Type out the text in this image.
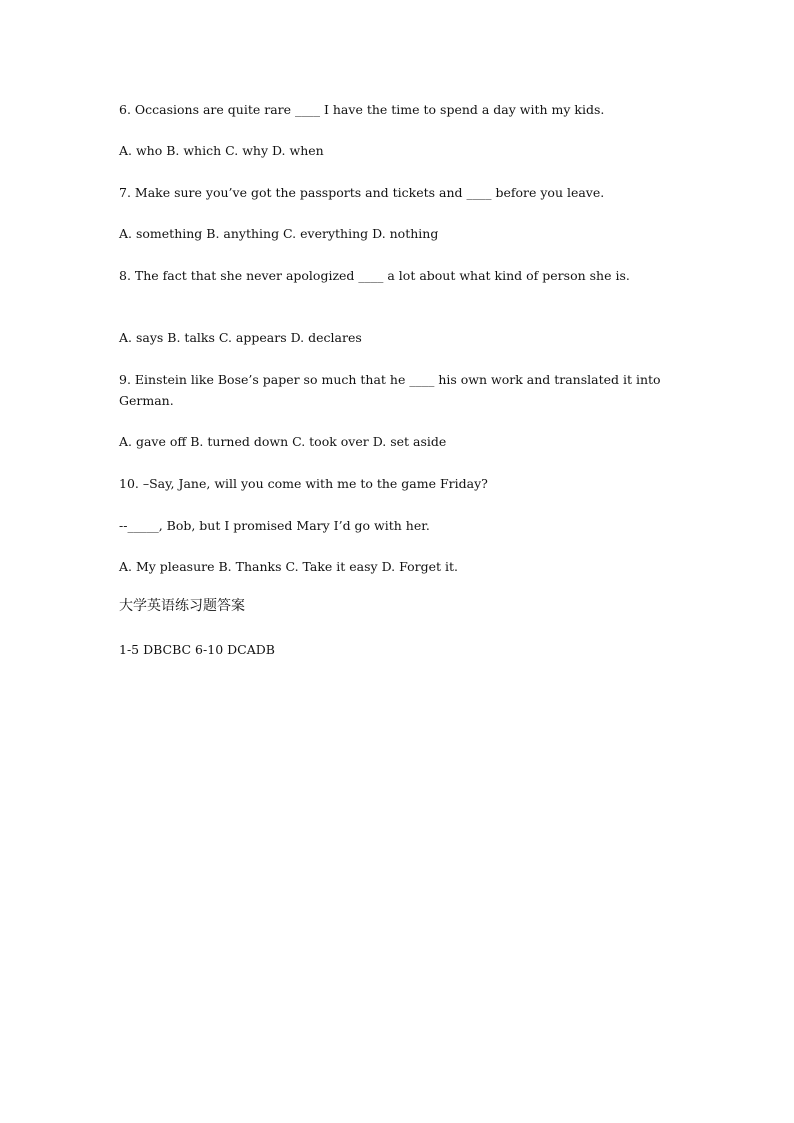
6. Occasions are quite rare ____ I have the time to spend a day with my kids.
A. who B. which C. why D. when
7. Make sure you’ve got the passports and tickets and ____ before you leave.
A. something B. anything C. everything D. nothing
8. The fact that she never apologized ____ a lot about what kind of person she is.
A. says B. talks C. appears D. declares
9. Einstein like Bose’s paper so much that he ____ his own work and translated it into German.
A. gave off B. turned down C. took over D. set aside
10. –Say, Jane, will you come with me to the game Friday?
--_____, Bob, but I promised Mary I’d go with her.
A. My pleasure B. Thanks C. Take it easy D. Forget it.
大学英语练习题答案
1-5 DBCBC 6-10 DCADB
